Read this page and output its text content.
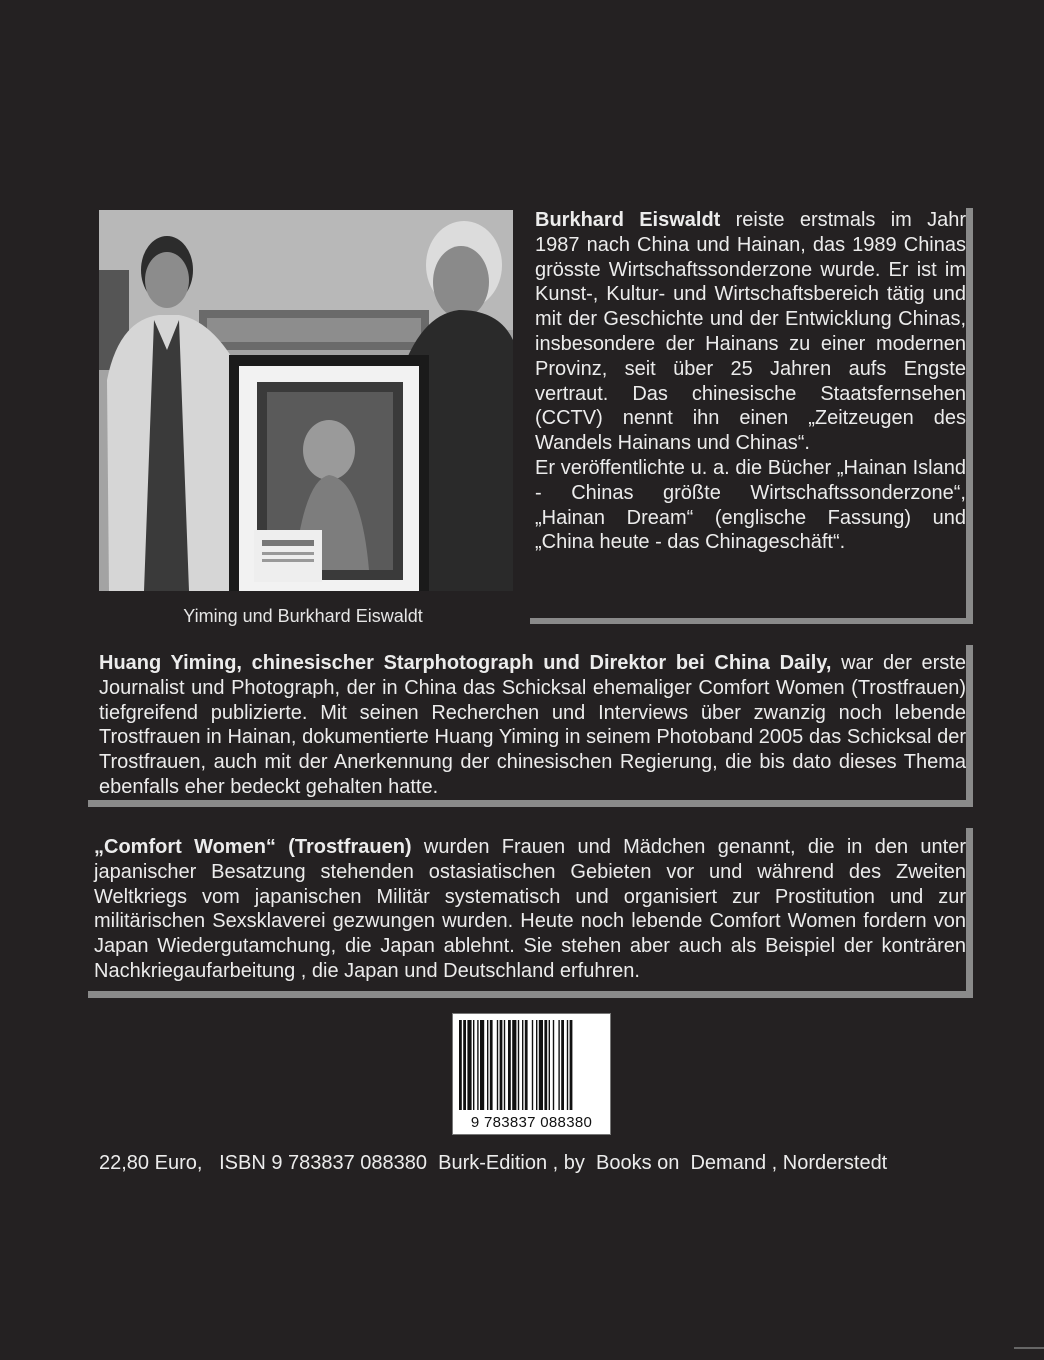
Yiming und Burkhard Eiswaldt

Burkhard Eiswaldt reiste erstmals im Jahr 1987 nach China und Hainan, das 1989 Chinas grösste Wirtschaftssonderzone wurde. Er ist im Kunst-, Kultur- und Wirtschaftsbereich tätig und mit der Geschichte und der Entwicklung Chinas, insbesondere der Hainans zu einer modernen Provinz, seit über 25 Jahren aufs Engste vertraut. Das chinesische Staatsfernsehen (CCTV) nennt ihn einen „Zeitzeugen des Wandels Hainans und Chinas“.

Er veröffentlichte u. a. die Bücher „Hainan Island - Chinas größte Wirtschaftssonderzone“, „Hainan Dream“ (englische Fassung) und „China heute - das Chinageschäft“.

Huang Yiming, chinesischer Starphotograph und Direktor bei China Daily, war der erste Journalist und Photograph, der in China das Schicksal ehemaliger Comfort Women (Trostfrauen) tiefgreifend publizierte. Mit seinen Recherchen und Interviews über zwanzig noch lebende Trostfrauen in Hainan, dokumentierte Huang Yiming in seinem Photoband 2005 das Schicksal der Trostfrauen, auch mit der Anerkennung der chinesischen Regierung, die bis dato dieses Thema ebenfalls eher bedeckt gehalten hatte.

„Comfort Women“ (Trostfrauen) wurden Frauen und Mädchen genannt, die in den unter japanischer Besatzung stehenden ostasiatischen Gebieten vor und während des Zweiten Weltkriegs vom japanischen Militär systematisch und organisiert zur Prostitution und zur militärischen Sexsklaverei gezwungen wurden. Heute noch lebende Comfort Women fordern von Japan Wiedergutamchung, die Japan ablehnt. Sie stehen aber auch als Beispiel der konträren Nachkriegaufarbeitung , die Japan und Deutschland erfuhren.

9 783837 088380
22,80 Euro,   ISBN 9 783837 088380  Burk-Edition , by  Books on  Demand , Norderstedt
